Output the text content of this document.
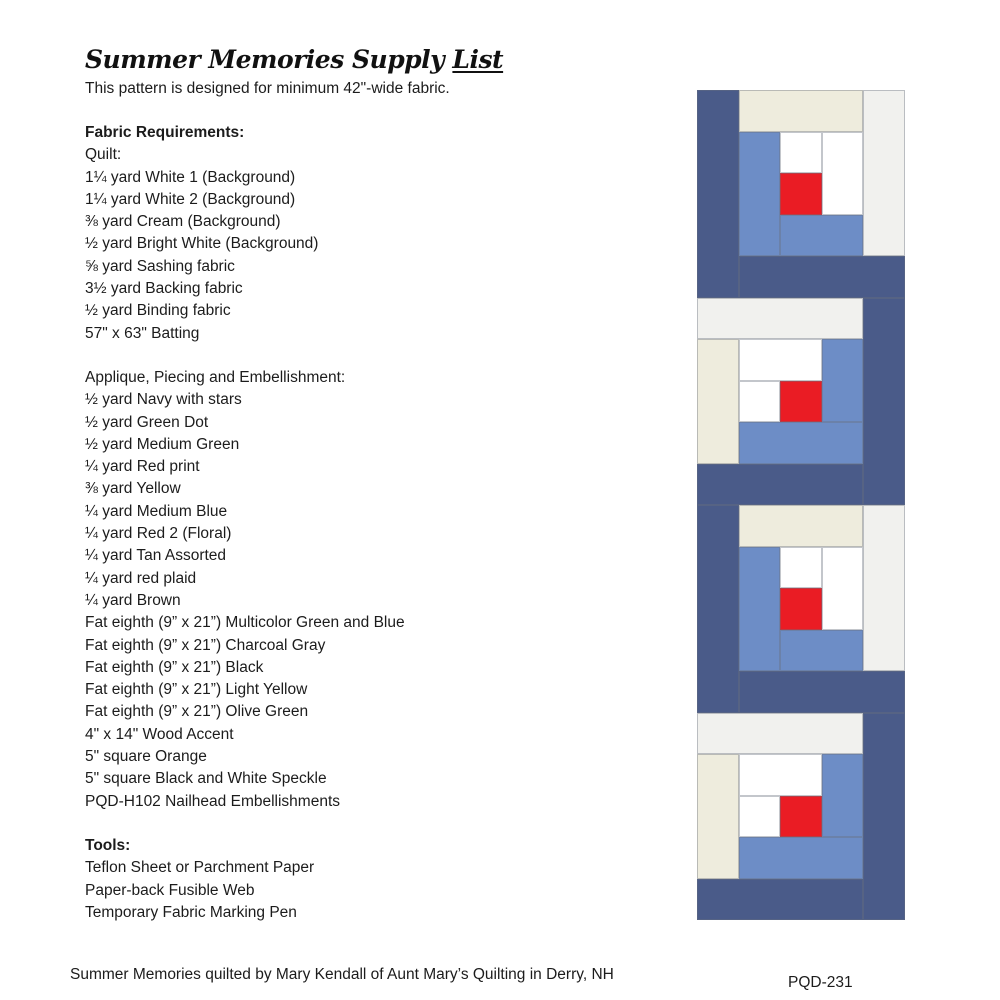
Summer Memories Supply List
This pattern is designed for minimum 42"-wide fabric.
Fabric Requirements:
Quilt:
1¼ yard White 1 (Background)
1¼ yard White 2 (Background)
⅜ yard Cream (Background)
½ yard Bright White (Background)
⅝ yard Sashing fabric
3½ yard Backing fabric
½ yard Binding fabric
57" x 63" Batting
Applique, Piecing and Embellishment:
½ yard Navy with stars
½ yard Green Dot
½ yard Medium Green
¼ yard Red print
⅜ yard Yellow
¼ yard Medium Blue
¼ yard Red 2 (Floral)
¼ yard Tan Assorted
¼ yard red plaid
¼ yard Brown
Fat eighth (9” x 21”) Multicolor Green and Blue
Fat eighth (9” x 21”) Charcoal Gray
Fat eighth (9” x 21”) Black
Fat eighth (9” x 21”) Light Yellow
Fat eighth (9” x 21”) Olive Green
4" x 14" Wood Accent
5" square Orange
5" square Black and White Speckle
PQD-H102 Nailhead Embellishments
Tools:
Teflon Sheet or Parchment Paper
Paper-back Fusible Web
Temporary Fabric Marking Pen
Summer Memories quilted by Mary Kendall of Aunt Mary’s Quilting in Derry, NH	PQD-231
